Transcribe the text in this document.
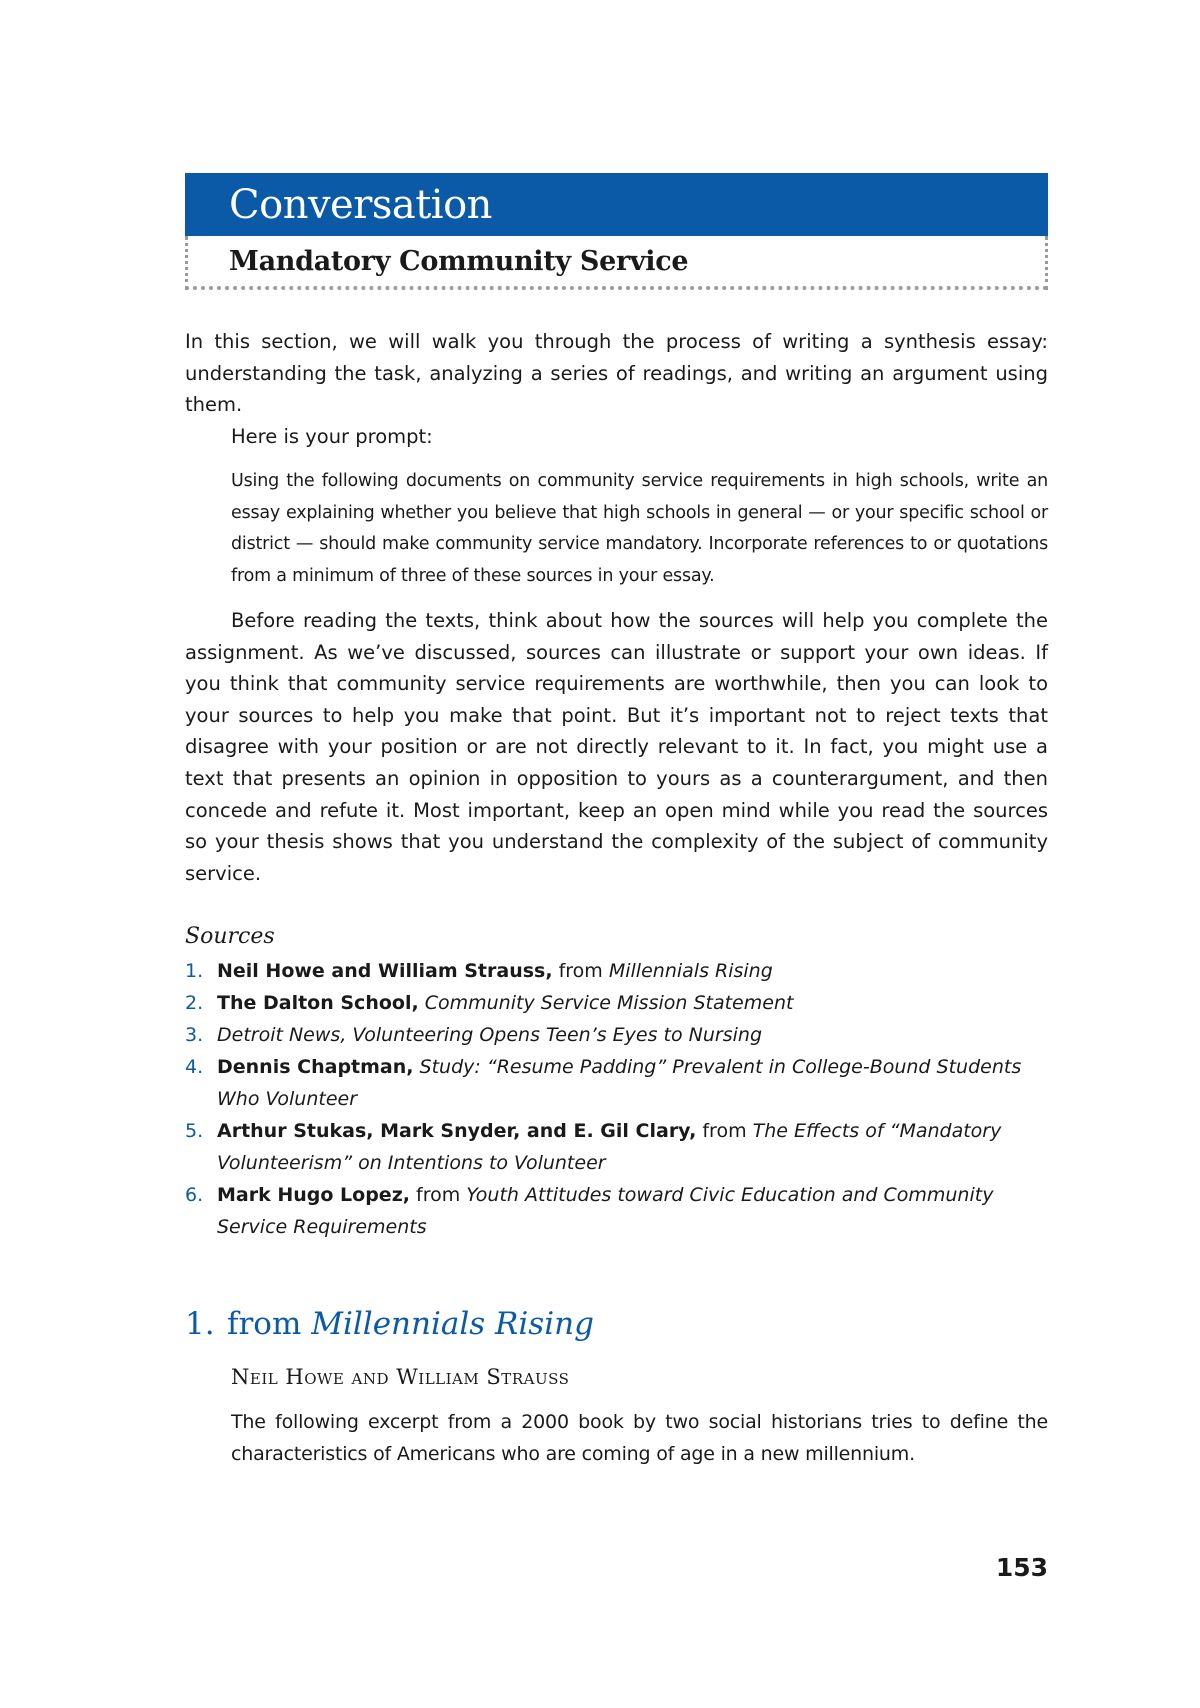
Conversation
Mandatory Community Service
In this section, we will walk you through the process of writing a synthesis essay: understanding the task, analyzing a series of readings, and writing an argument using them.
Here is your prompt:
Using the following documents on community service requirements in high schools, write an essay explaining whether you believe that high schools in general — or your specific school or district — should make community service mandatory. Incorporate references to or quotations from a minimum of three of these sources in your essay.
Before reading the texts, think about how the sources will help you complete the assignment. As we’ve discussed, sources can illustrate or support your own ideas. If you think that community service requirements are worthwhile, then you can look to your sources to help you make that point. But it’s important not to reject texts that disagree with your position or are not directly relevant to it. In fact, you might use a text that presents an opinion in opposition to yours as a counterargument, and then concede and refute it. Most important, keep an open mind while you read the sources so your thesis shows that you understand the complexity of the subject of community service.
Sources
1. Neil Howe and William Strauss, from Millennials Rising
2. The Dalton School, Community Service Mission Statement
3. Detroit News, Volunteering Opens Teen’s Eyes to Nursing
4. Dennis Chaptman, Study: “Resume Padding” Prevalent in College-Bound Students Who Volunteer
5. Arthur Stukas, Mark Snyder, and E. Gil Clary, from The Effects of “Mandatory Volunteerism” on Intentions to Volunteer
6. Mark Hugo Lopez, from Youth Attitudes toward Civic Education and Community Service Requirements
1. from Millennials Rising
Neil Howe and William Strauss
The following excerpt from a 2000 book by two social historians tries to define the characteristics of Americans who are coming of age in a new millennium.
153
